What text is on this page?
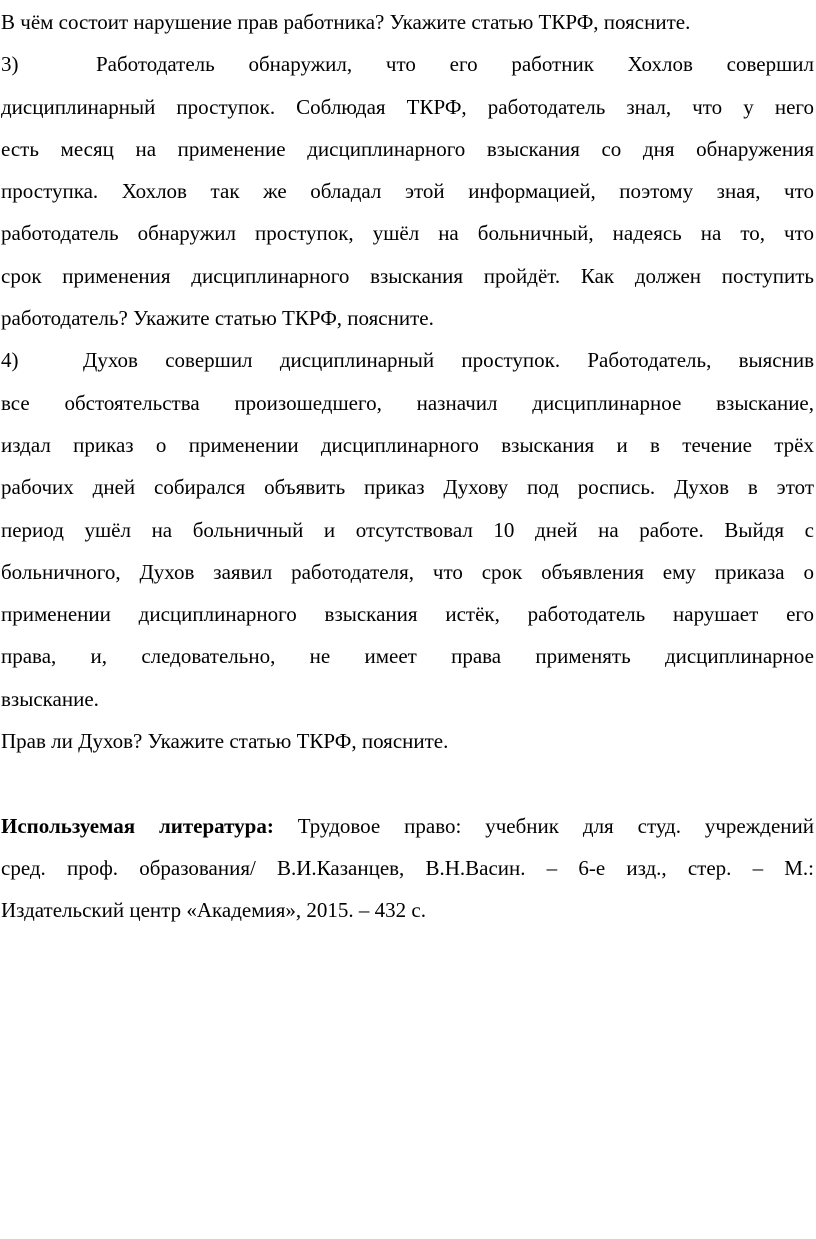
В чём состоит нарушение прав работника? Укажите статью ТКРФ, поясните.
3)	Работодатель обнаружил, что его работник Хохлов совершил
дисциплинарный проступок. Соблюдая ТКРФ, работодатель знал, что у него
есть месяц на применение дисциплинарного взыскания со дня обнаружения
проступка. Хохлов так же обладал этой информацией, поэтому зная, что
работодатель обнаружил проступок, ушёл на больничный, надеясь на то, что
срок применения дисциплинарного взыскания пройдёт. Как должен поступить
работодатель? Укажите статью ТКРФ, поясните.
4)	Духов совершил дисциплинарный проступок. Работодатель, выяснив
все обстоятельства произошедшего, назначил дисциплинарное взыскание,
издал приказ о применении дисциплинарного взыскания и в течение трёх
рабочих дней собирался объявить приказ Духову под роспись. Духов в этот
период ушёл на больничный и отсутствовал 10 дней на работе. Выйдя с
больничного, Духов заявил работодателя, что срок объявления ему приказа о
применении дисциплинарного взыскания истёк, работодатель нарушает его
права, и, следовательно, не имеет права применять дисциплинарное
взыскание.
Прав ли Духов? Укажите статью ТКРФ, поясните.
Используемая литература: Трудовое право: учебник для студ. учреждений
сред. проф. образования/ В.И.Казанцев, В.Н.Васин. – 6-е изд., стер. – М.:
Издательский центр «Академия», 2015. – 432 с.
